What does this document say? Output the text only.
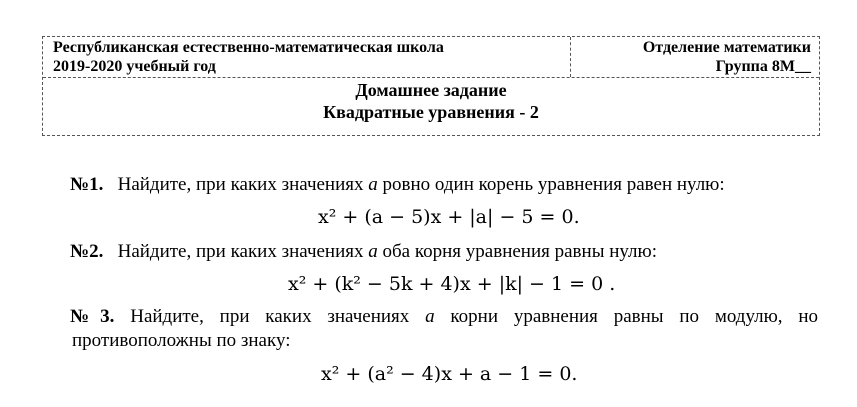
Республиканская естественно-математическая школа
2019-2020 учебный год
Отделение математики
Группа 8М__
Домашнее задание
Квадратные уравнения - 2
№1. Найдите, при каких значениях a ровно один корень уравнения равен нулю:
x² + (a − 5)x + |a| − 5 = 0.
№2. Найдите, при каких значениях a оба корня уравнения равны нулю:
x² + (k² − 5k + 4)x + |k| − 1 = 0 .
№3. Найдите, при каких значениях a корни уравнения равны по модулю, но
противоположны по знаку:
x² + (a² − 4)x + a − 1 = 0.
